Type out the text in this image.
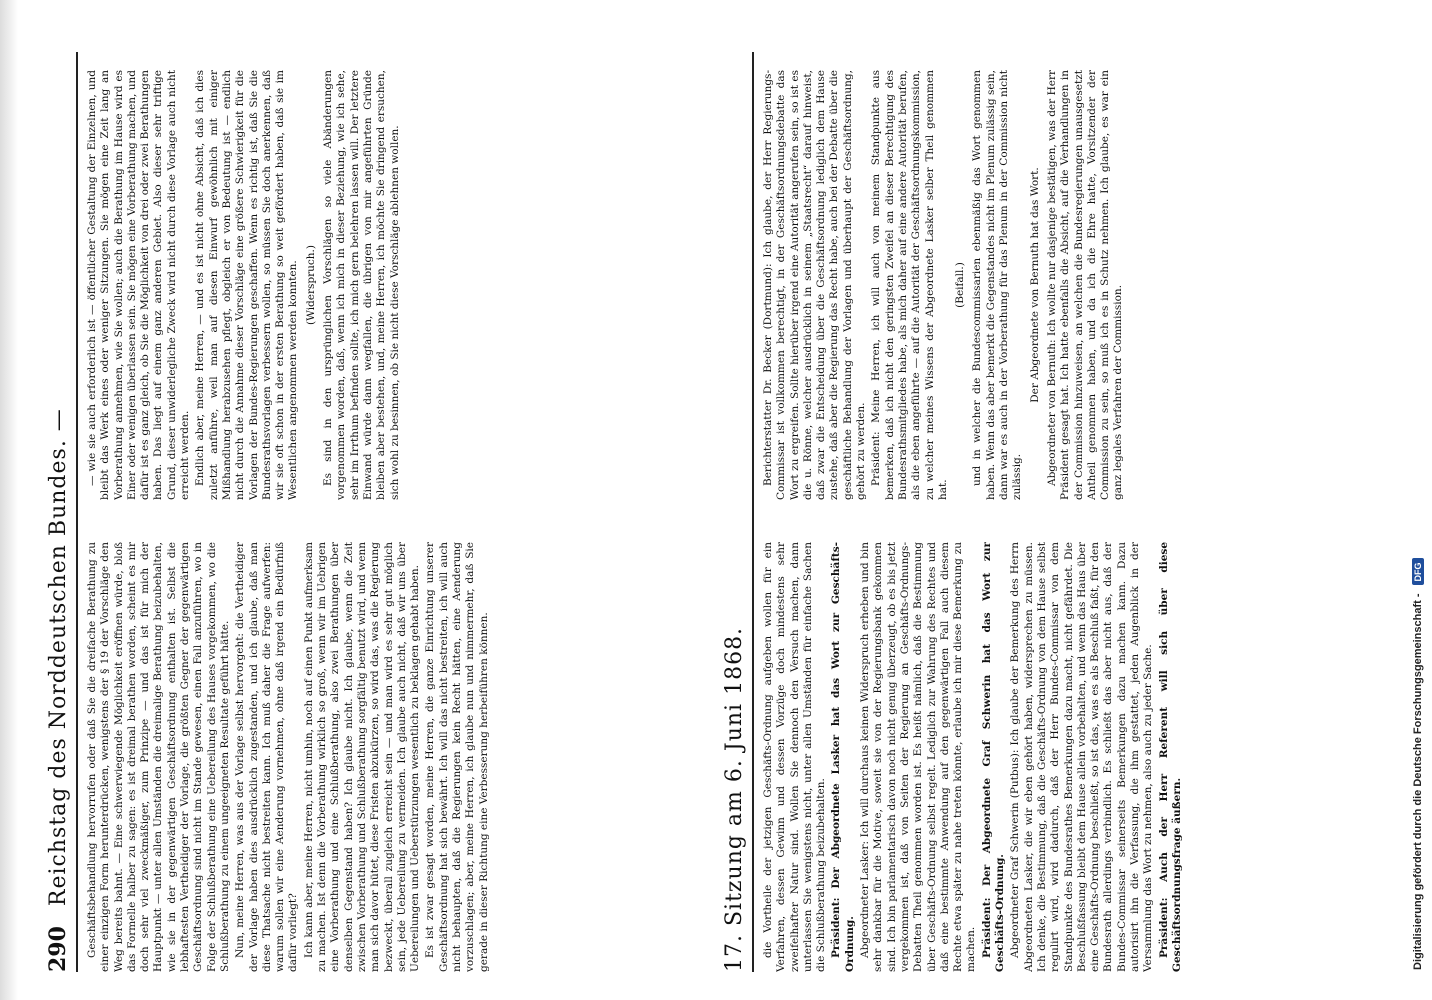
290
Reichstag des Norddeutschen Bundes. — Geschäftsbehandlung hervorrufen oder daß Sie die dreifache Berathung zu einer einzigen Form herunterdrücken, wenigstens der § 19 der Vorschläge den Weg bereits bahnt. — Eine schwerwiegende Möglichkeit eröffnen würde, bloß das Formelle halber zu sagen: es ist dreimal berathen worden, scheint es mir doch sehr viel zweckmäßiger, zum Prinzipe — und das ist für mich der Hauptpunkt — unter allen Umständen die dreimalige Berathung beizubehalten, wie sie in der gegenwärtigen Geschäftsordnung enthalten ist. Selbst die lebhaftesten Vertheidiger der Vorlage, die größten Gegner der gegenwärtigen Geschäftsordnung sind nicht im Stande gewesen, einen Fall anzuführen, wo in Folge der Schlußberathung eine Uebereilung des Hauses vorgekommen, wo die Schlußberathung zu einem ungeeigneten Resultate geführt hätte. Nun, meine Herren, was aus der Vorlage selbst hervorgeht: die Vertheidiger der Vorlage haben dies ausdrücklich zugestanden, und ich glaube, daß man diese Thatsache nicht bestreiten kann. Ich muß daher die Frage aufwerfen: warum sollen wir eine Aenderung vornehmen, ohne daß irgend ein Bedürfniß dafür vorliegt? Ich kann aber, meine Herren, nicht umhin, noch auf einen Punkt aufmerksam zu machen. Ist denn die Vorberathung wirklich so groß, wenn wir im Uebrigen eine Vorberathung und eine Schlußberathung, also zwei Berathungen über denselben Gegenstand haben? Ich glaube nicht. Ich glaube, wenn die Zeit zwischen Vorberathung und Schlußberathung sorgfältig benutzt wird, und wenn man sich davor hütet, diese Fristen abzukürzen, so wird das, was die Regierung bezweckt, überall zugleich erreicht sein — und man wird es sehr gut möglich sein, jede Uebereilung zu vermeiden. Ich glaube auch nicht, daß wir uns über Uebereilungen und Ueberstürzungen wesentlich zu beklagen gehabt haben. Es ist zwar gesagt worden, meine Herren, die ganze Einrichtung unserer Geschäftsordnung hat sich bewährt. Ich will das nicht bestreiten, ich will auch nicht behaupten, daß die Regierungen kein Recht hätten, eine Aenderung vorzuschlagen; aber, meine Herren, ich glaube nun und nimmermehr, daß Sie gerade in dieser Richtung eine Verbesserung herbeiführen können.

— wie sie auch erforderlich ist — öffentlicher Gestaltung der Einzelnen, und bleibt das Werk eines oder weniger Sitzungen. Sie mögen eine Zeit lang an Vorberathung annehmen, wie Sie wollen; auch die Berathung im Hause wird es Einer oder wenigen überlassen sein. Sie mögen eine Vorberathung machen, und dafür ist es ganz gleich, ob Sie die Möglichkeit von drei oder zwei Berathungen haben. Das liegt auf einem ganz anderen Gebiet. Also dieser sehr triftige Grund, dieser unwiderlegliche Zweck wird nicht durch diese Vorlage auch nicht erreicht werden. Endlich aber, meine Herren, — und es ist nicht ohne Absicht, daß ich dies zuletzt anführe, weil man auf diesen Einwurf gewöhnlich mit einiger Mißhandlung herabzusehen pflegt, obgleich er von Bedeutung ist — endlich nicht durch die Annahme dieser Vorschläge eine größere Schwierigkeit für die Vorlagen der Bundes-Regierungen geschaffen. Wenn es richtig ist, daß Sie die Bundesrathsvorlagen verbessern wollen, so müssen Sie doch anerkennen, daß wir sie oft schon in der ersten Berathung so weit gefördert haben, daß sie im Wesentlichen angenommen werden konnten. (Widerspruch.) Es sind in den ursprünglichen Vorschlägen so viele Abänderungen vorgenommen worden, daß, wenn ich mich in dieser Beziehung, wie ich sehe, sehr im Irrthum befinden sollte, ich mich gern belehren lassen will. Der letztere Einwand würde dann wegfallen, die übrigen von mir angeführten Gründe bleiben aber bestehen, und, meine Herren, ich möchte Sie dringend ersuchen, sich wohl zu besinnen, ob Sie nicht diese Vorschläge ablehnen wollen.

17. Sitzung am 6. Juni 1868. die Vortheile der jetzigen Geschäfts-Ordnung aufgeben wollen für ein Verfahren, dessen Gewinn und dessen Vorzüge doch mindestens sehr zweifelhafter Natur sind. Wollen Sie dennoch den Versuch machen, dann unterlassen Sie wenigstens nicht, unter allen Umständen für einfache Sachen die Schlußberathung beizubehalten. Präsident: Der Abgeordnete Lasker hat das Wort zur Geschäfts-Ordnung. Abgeordneter Lasker: Ich will durchaus keinen Widerspruch erheben und bin sehr dankbar für die Motive, soweit sie von der Regierungsbank gekommen sind. Ich bin parlamentarisch davon noch nicht genug überzeugt, ob es bis jetzt vergekommen ist, daß von Seiten der Regierung an Geschäfts-Ordnungs-Debatten Theil genommen worden ist. Es heißt nämlich, daß die Bestimmung über Geschäfts-Ordnung selbst regelt. Lediglich zur Wahrung des Rechtes und daß eine bestimmte Anwendung auf den gegenwärtigen Fall auch diesem Rechte etwa später zu nahe treten könnte, erlaube ich mir diese Bemerkung zu machen. Präsident: Der Abgeordnete Graf Schwerin hat das Wort zur Geschäfts-Ordnung. Abgeordneter Graf Schwerin (Putbus): Ich glaube der Bemerkung des Herrn Abgeordneten Lasker, die wir eben gehört haben, widersprechen zu müssen. Ich denke, die Bestimmung, daß die Geschäfts-Ordnung von dem Hause selbst regulirt wird, wird dadurch, daß der Herr Bundes-Commissar von dem Standpunkte des Bundesrathes Bemerkungen dazu macht, nicht gefährdet. Die Beschlußfassung bleibt dem Hause allein vorbehalten, und wenn das Haus über eine Geschäfts-Ordnung beschließt, so ist das, was es als Beschluß faßt, für den Bundesrath allerdings verbindlich. Es schließt das aber nicht aus, daß der Bundes-Commissar seinerseits Bemerkungen dazu machen kann. Dazu autorisirt ihn die Verfassung, die ihm gestattet, jeden Augenblick in der Versammlung das Wort zu nehmen, also auch zu jeder Sache. Präsident: Auch der Herr Referent will sich über diese Geschäftsordnungsfrage äußern.

Berichterstatter Dr. Becker (Dortmund): Ich glaube, der Herr Regierungs-Commissar ist vollkommen berechtigt, in der Geschäftsordnungsdebatte das Wort zu ergreifen. Sollte hierüber irgend eine Autorität angerufen sein, so ist es die u. Rönne, welcher ausdrücklich in seinem „Staatsrecht“ darauf hinweist, daß zwar die Entscheidung über die Geschäftsordnung lediglich dem Hause zustehe, daß aber die Regierung das Recht habe, auch bei der Debatte über die geschäftliche Behandlung der Vorlagen und überhaupt der Geschäftsordnung, gehört zu werden. Präsident: Meine Herren, ich will auch von meinem Standpunkte aus bemerken, daß ich nicht den geringsten Zweifel an dieser Berechtigung des Bundesrathsmitgliedes habe, als mich daher auf eine andere Autorität berufen, als die eben angeführte — auf die Autorität der Geschäftsordnungskommission, zu welcher meines Wissens der Abgeordnete Lasker selber Theil genommen hat.

(Beifall.) und in welcher die Bundescommissarien ebenmäßig das Wort genommen haben. Wenn das aber bemerkt die Gegenstandes nicht im Plenum zulässig sein, dann war es auch in der Vorberathung für das Plenum in der Commission nicht zulässig.

Der Abgeordnete von Bernuth hat das Wort. Abgeordneter von Bernuth: Ich wollte nur dasjenige bestätigen, was der Herr Präsident gesagt hat. Ich hatte ebenfalls die Absicht, auf die Verhandlungen in der Commission hinzuweisen, an welchen die Bundesregierungen unausgesetzt Antheil genommen haben, und da ich die Ehre hatte, Vorsitzender der Commission zu sein, so muß ich es in Schutz nehmen. Ich glaube, es war ein ganz legales Verfahren der Commission.

Digitalisierung gefördert durch die Deutsche Forschungsgemeinschaft -
DFG
